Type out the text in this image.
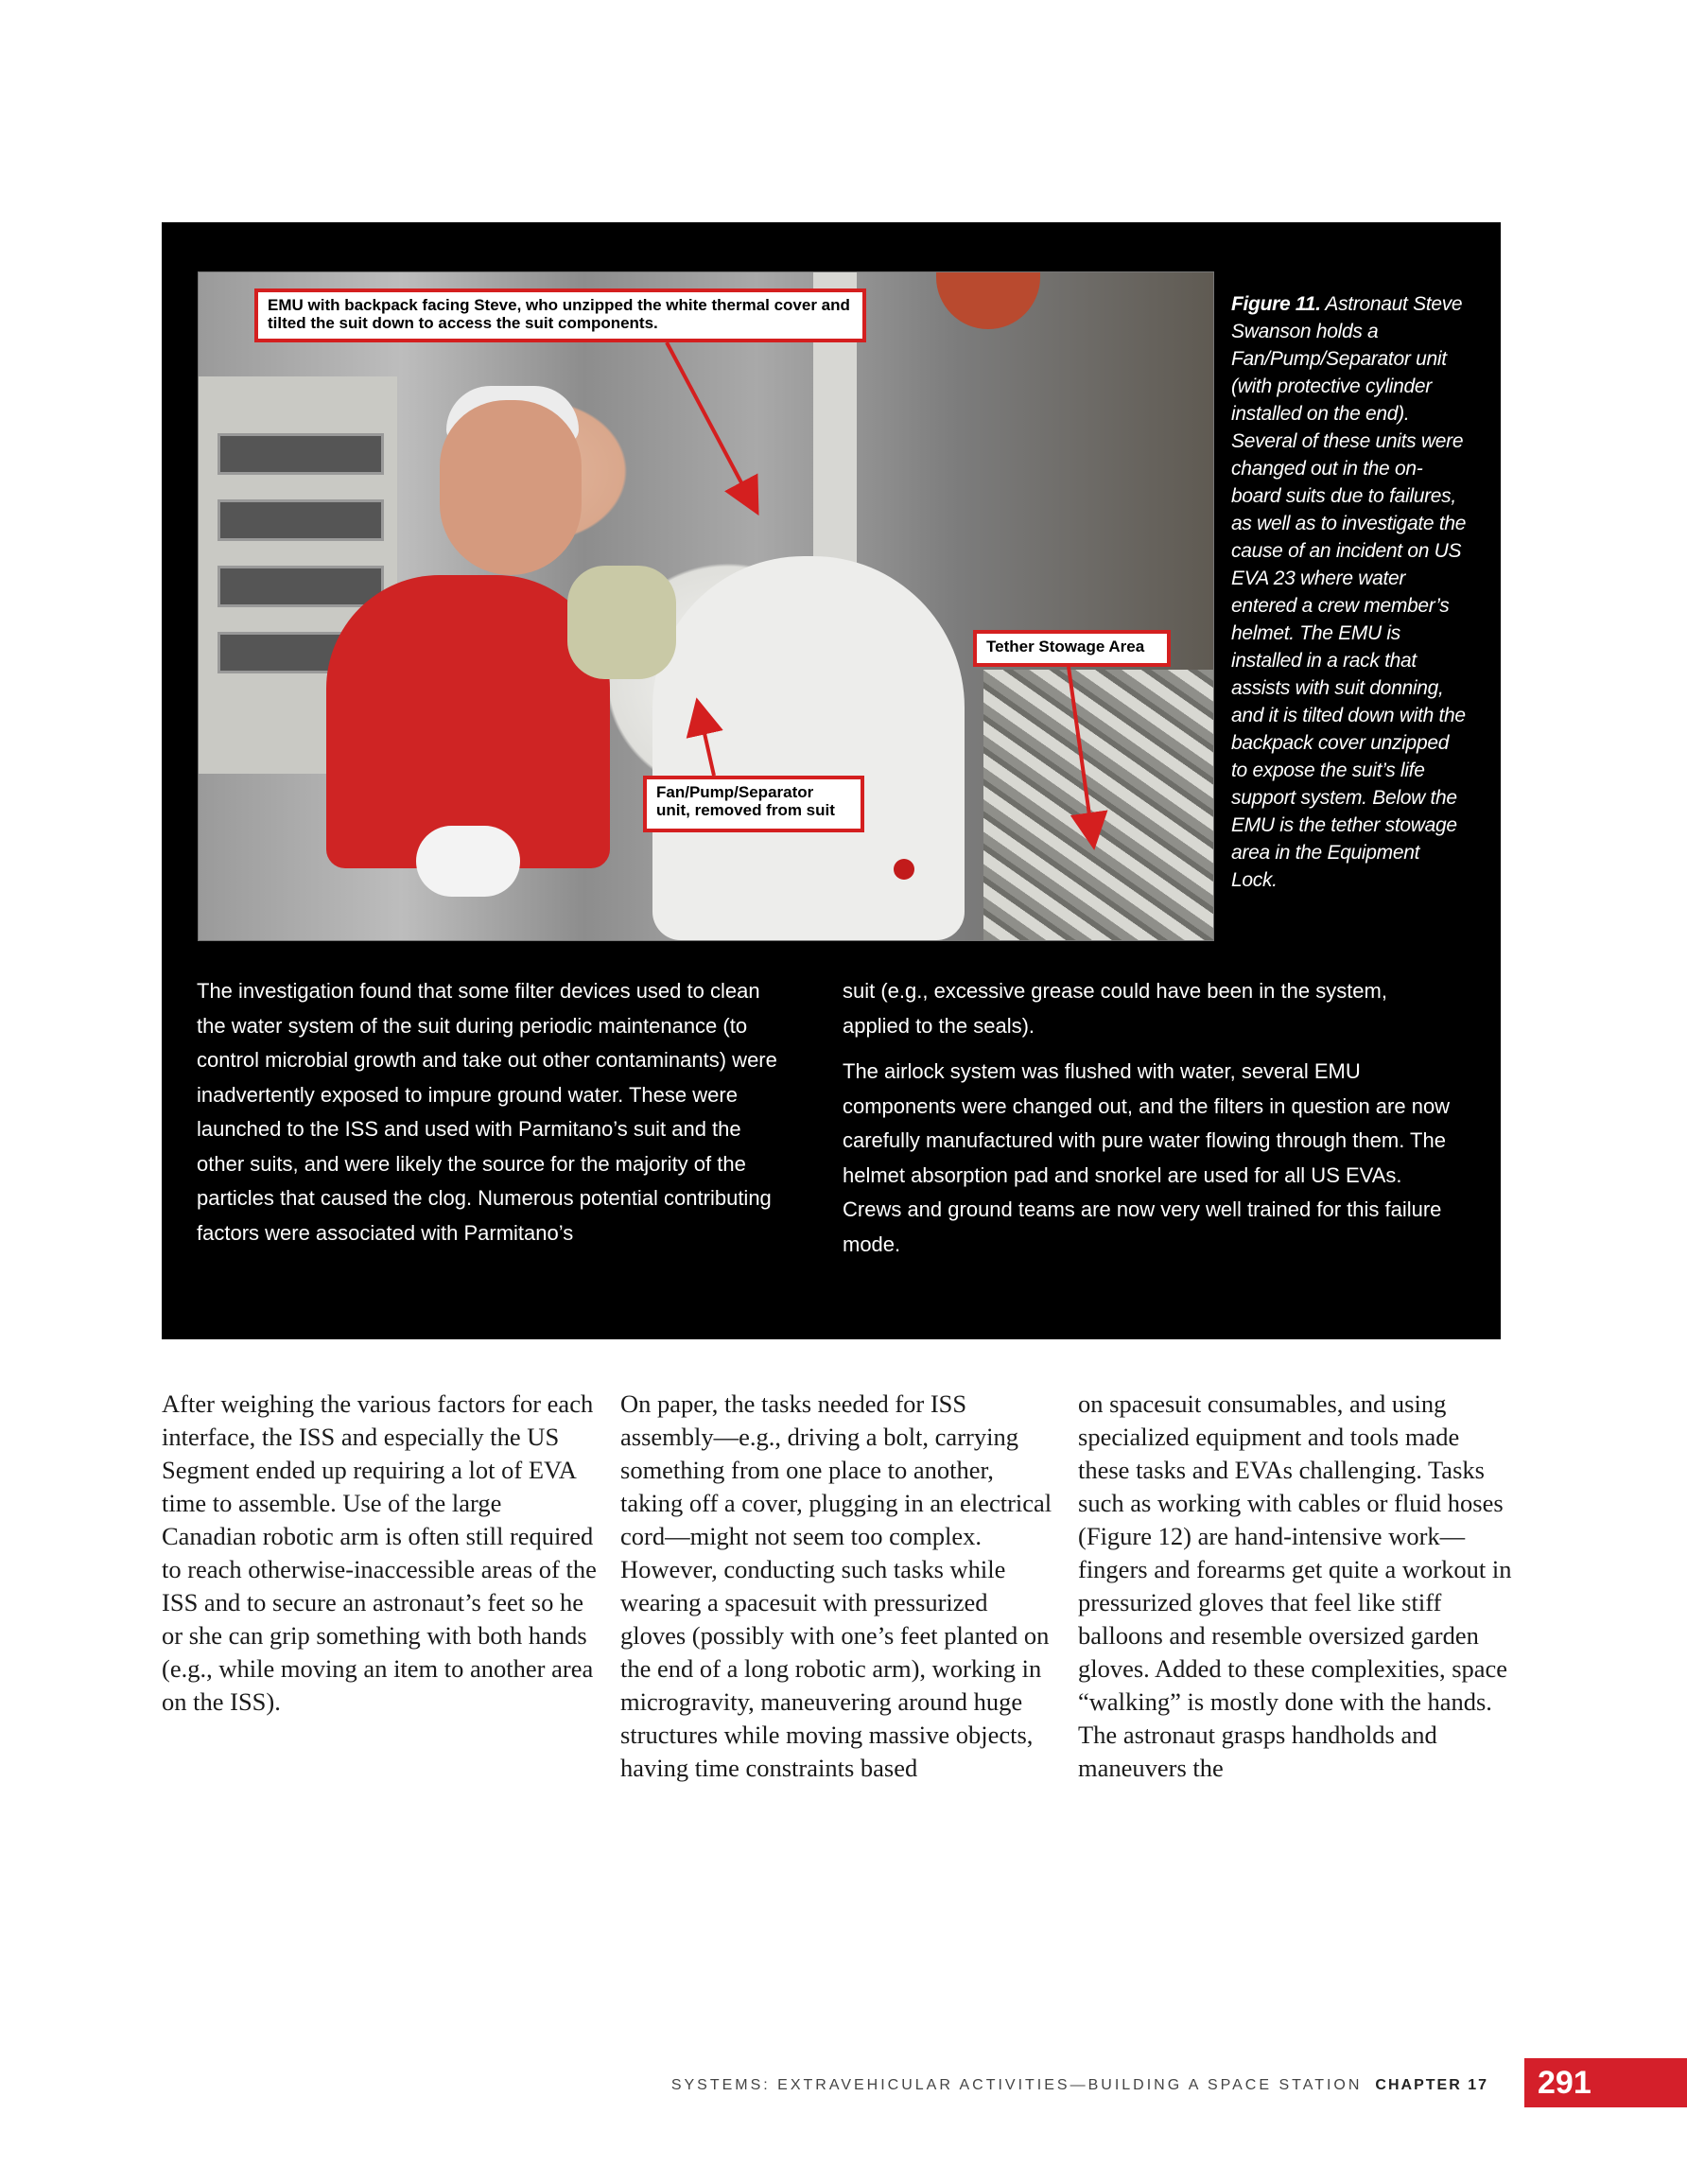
EMU with backpack facing Steve, who unzipped the white thermal cover and tilted the suit down to access the suit components.
Tether Stowage Area
Fan/Pump/Separator unit, removed from suit
Figure 11. Astronaut Steve Swanson holds a Fan/Pump/Separator unit (with protective cylinder installed on the end). Several of these units were changed out in the on-board suits due to failures, as well as to investigate the cause of an incident on US EVA 23 where water entered a crew member’s helmet. The EMU is installed in a rack that assists with suit donning, and it is tilted down with the backpack cover unzipped to expose the suit’s life support system. Below the EMU is the tether stowage area in the Equipment Lock.

The investigation found that some filter devices used to clean the water system of the suit during periodic maintenance (to control microbial growth and take out other contaminants) were inadvertently exposed to impure ground water. These were launched to the ISS and used with Parmitano’s suit and the other suits, and were likely the source for the majority of the particles that caused the clog. Numerous potential contributing factors were associated with Parmitano’s

suit (e.g., excessive grease could have been in the system, applied to the seals).

The airlock system was flushed with water, several EMU components were changed out, and the filters in question are now carefully manufactured with pure water flowing through them. The helmet absorption pad and snorkel are used for all US EVAs. Crews and ground teams are now very well trained for this failure mode.

After weighing the various factors for each interface, the ISS and especially the US Segment ended up requiring a lot of EVA time to assemble. Use of the large Canadian robotic arm is often still required to reach otherwise-inaccessible areas of the ISS and to secure an astronaut’s feet so he or she can grip something with both hands (e.g., while moving an item to another area on the ISS).
On paper, the tasks needed for ISS assembly—e.g., driving a bolt, carrying something from one place to another, taking off a cover, plugging in an electrical cord—might not seem too complex. However, conducting such tasks while wearing a spacesuit with pressurized gloves (possibly with one’s feet planted on the end of a long robotic arm), working in microgravity, maneuvering around huge structures while moving massive objects, having time constraints based
on spacesuit consumables, and using specialized equipment and tools made these tasks and EVAs challenging. Tasks such as working with cables or fluid hoses (Figure 12) are hand-intensive work—fingers and forearms get quite a workout in pressurized gloves that feel like stiff balloons and resemble oversized garden gloves. Added to these complexities, space “walking” is mostly done with the hands. The astronaut grasps handholds and maneuvers the
SYSTEMS: EXTRAVEHICULAR ACTIVITIES—BUILDING A SPACE STATION CHAPTER 17	291
